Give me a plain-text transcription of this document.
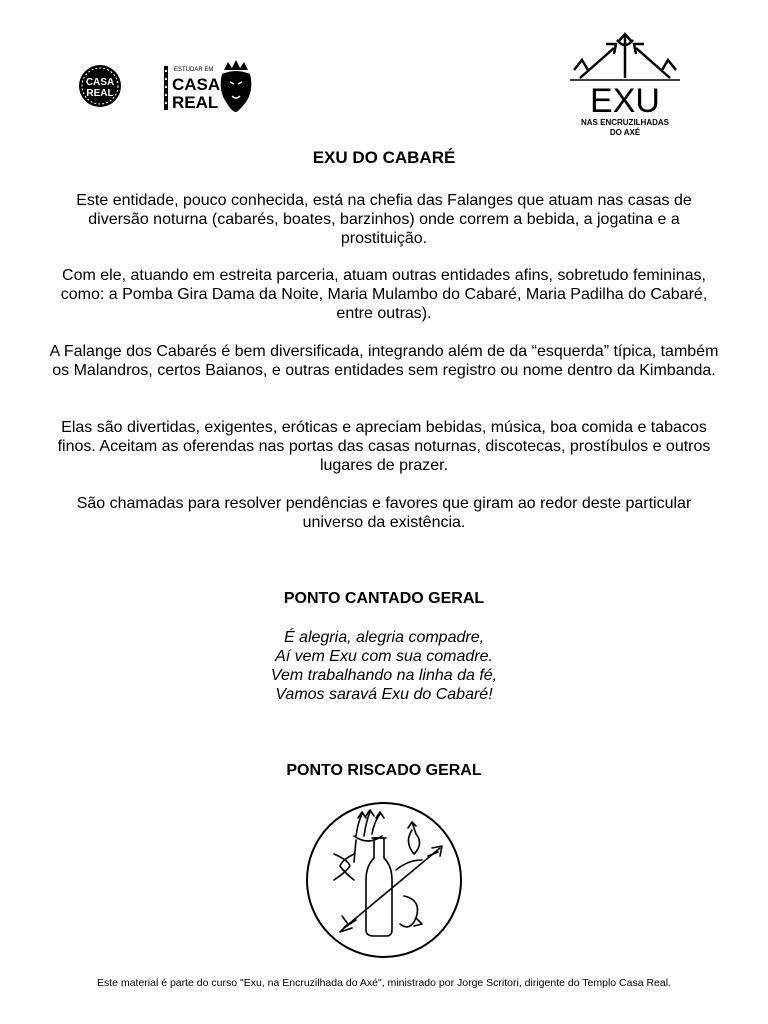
CASA
REAL
ESTUDAR EM
CASA
REAL	EXU
NAS ENCRUZILHADAS
DO AXÉ
EXU DO CABARÉ
Este entidade, pouco conhecida, está na chefia das Falanges que atuam nas casas de diversão noturna (cabarés, boates, barzinhos) onde correm a bebida, a jogatina e a prostituição.
Com ele, atuando em estreita parceria, atuam outras entidades afins, sobretudo femininas, como: a Pomba Gira Dama da Noite, Maria Mulambo do Cabaré, Maria Padilha do Cabaré, entre outras).
A Falange dos Cabarés é bem diversificada, integrando além de da “esquerda” típica, também os Malandros, certos Baianos, e outras entidades sem registro ou nome dentro da Kimbanda.
Elas são divertidas, exigentes, eróticas e apreciam bebidas, música, boa comida e tabacos finos. Aceitam as oferendas nas portas das casas noturnas, discotecas, prostíbulos e outros lugares de prazer.
São chamadas para resolver pendências e favores que giram ao redor deste particular universo da existência.
PONTO CANTADO GERAL
É alegria, alegria compadre,
Aí vem Exu com sua comadre.
Vem trabalhando na linha da fé,
Vamos saravá Exu do Cabaré!
PONTO RISCADO GERAL
Este material é parte do curso "Exu, na Encruzilhada do Axé", ministrado por Jorge Scritori, dirigente do Templo Casa Real.
